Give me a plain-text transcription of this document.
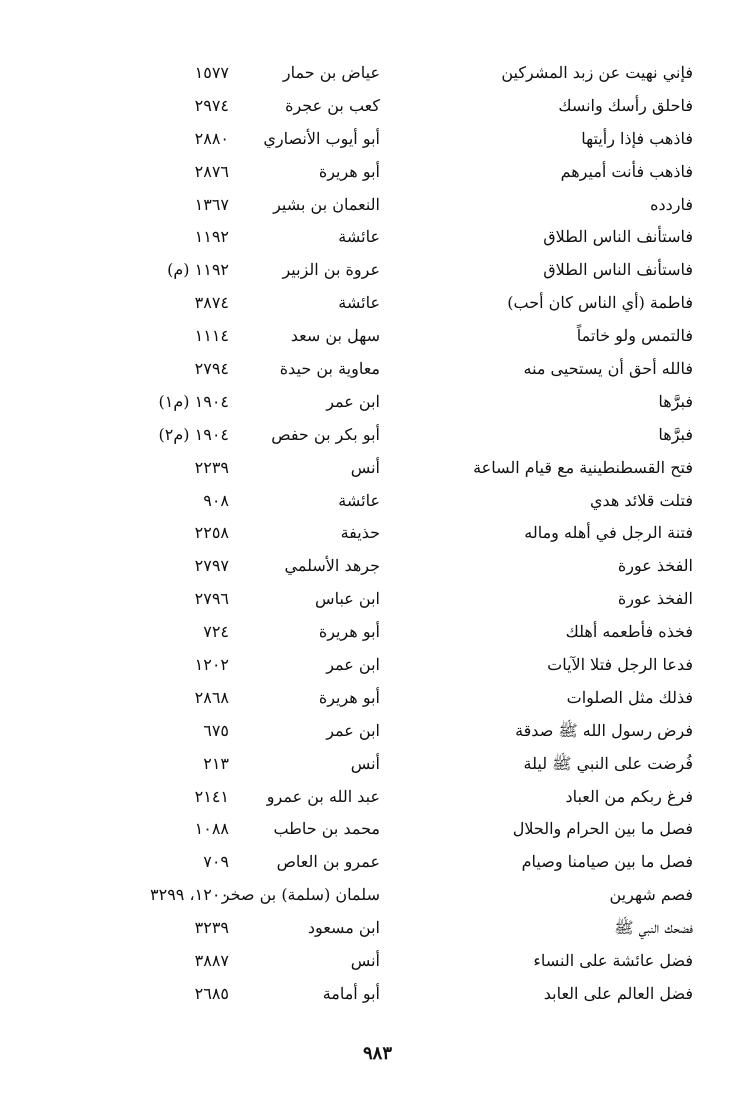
فإني نهيت عن زبد المشركين
عياض بن حمار
١٥٧٧
فاحلق رأسك وانسك
كعب بن عجرة
٢٩٧٤
فاذهب فإذا رأيتها
أبو أيوب الأنصاري
٢٨٨٠
فاذهب فأنت أميرهم
أبو هريرة
٢٨٧٦
فاردده
النعمان بن بشير
١٣٦٧
فاستأنف الناس الطلاق
عائشة
١١٩٢
فاستأنف الناس الطلاق
عروة بن الزبير
١١٩٢ (م)
فاطمة (أي الناس كان أحب)
عائشة
٣٨٧٤
فالتمس ولو خاتماً
سهل بن سعد
١١١٤
فالله أحق أن يستحيى منه
معاوية بن حيدة
٢٧٩٤
فبرَّها
ابن عمر
١٩٠٤ (م١)
فبرَّها
أبو بكر بن حفص
١٩٠٤ (م٢)
فتح القسطنطينية مع قيام الساعة
أنس
٢٢٣٩
فتلت قلائد هدي
عائشة
٩٠٨
فتنة الرجل في أهله وماله
حذيفة
٢٢٥٨
الفخذ عورة
جرهد الأسلمي
٢٧٩٧
الفخذ عورة
ابن عباس
٢٧٩٦
فخذه فأطعمه أهلك
أبو هريرة
٧٢٤
فدعا الرجل فتلا الآيات
ابن عمر
١٢٠٢
فذلك مثل الصلوات
أبو هريرة
٢٨٦٨
فرض رسول الله ﷺ صدقة
ابن عمر
٦٧٥
فُرضت على النبي ﷺ ليلة
أنس
٢١٣
فرغ ربكم من العباد
عبد الله بن عمرو
٢١٤١
فصل ما بين الحرام والحلال
محمد بن حاطب
١٠٨٨
فصل ما بين صيامنا وصيام
عمرو بن العاص
٧٠٩
فصم شهرين
سلمان (سلمة) بن صخر
١٢٠٠، ٣٢٩٩
فضحك النبي ﷺ
ابن مسعود
٣٢٣٩
فضل عائشة على النساء
أنس
٣٨٨٧
فضل العالم على العابد
أبو أمامة
٢٦٨٥
٩٨٣
